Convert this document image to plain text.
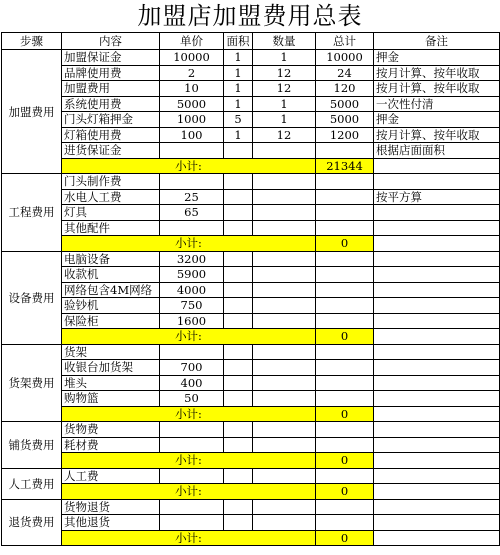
加盟店加盟费用总表
步骤	内容	单价	面积	数量	总计	备注
加盟费用	加盟保证金	10000	1	1	10000	押金
	品牌使用费	2	1	12	24	按月计算、按年收取
	加盟费用	10	1	12	120	按月计算、按年收取
	系统使用费	5000	1	1	5000	一次性付清
	门头灯箱押金	1000	5	1	5000	押金
	灯箱使用费	100	1	12	1200	按月计算、按年收取
	进货保证金					根据店面面积
	小计:				21344	
工程费用	门头制作费					
	水电人工费	25				按平方算
	灯具	65				
	其他配件					
	小计:				0	
设备费用	电脑设备	3200				
	收款机	5900				
	网络包含4M网络	4000				
	验钞机	750				
	保险柜	1600				
	小计:				0	
货架费用	货架					
	收银台加货架	700				
	堆头	400				
	购物篮	50				
	小计:				0	
铺货费用	货物费					
	耗材费					
	小计:				0	
人工费用	人工费					
	小计:				0	
退货费用	货物退货					
	其他退货					
	小计:				0	
